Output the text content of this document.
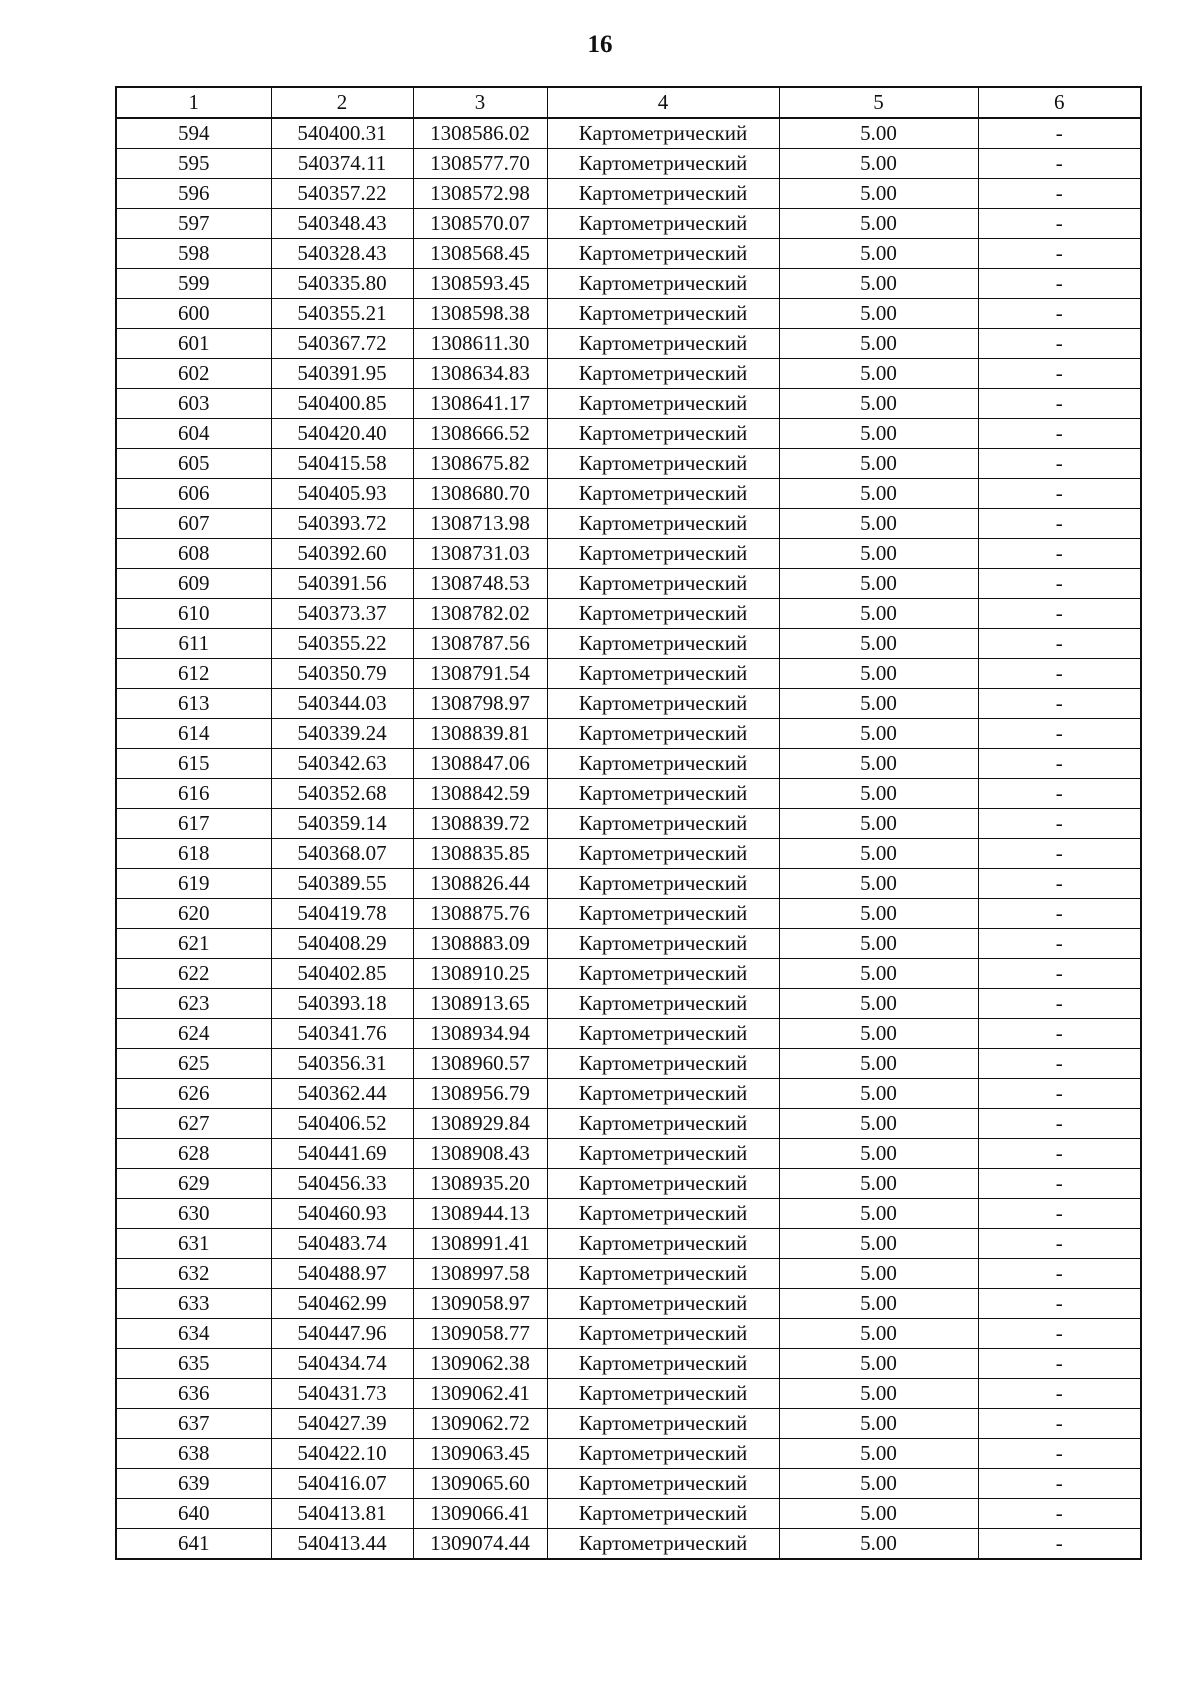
16
1	2	3	4	5	6
594	540400.31	1308586.02	Картометрический	5.00	-
595	540374.11	1308577.70	Картометрический	5.00	-
596	540357.22	1308572.98	Картометрический	5.00	-
597	540348.43	1308570.07	Картометрический	5.00	-
598	540328.43	1308568.45	Картометрический	5.00	-
599	540335.80	1308593.45	Картометрический	5.00	-
600	540355.21	1308598.38	Картометрический	5.00	-
601	540367.72	1308611.30	Картометрический	5.00	-
602	540391.95	1308634.83	Картометрический	5.00	-
603	540400.85	1308641.17	Картометрический	5.00	-
604	540420.40	1308666.52	Картометрический	5.00	-
605	540415.58	1308675.82	Картометрический	5.00	-
606	540405.93	1308680.70	Картометрический	5.00	-
607	540393.72	1308713.98	Картометрический	5.00	-
608	540392.60	1308731.03	Картометрический	5.00	-
609	540391.56	1308748.53	Картометрический	5.00	-
610	540373.37	1308782.02	Картометрический	5.00	-
611	540355.22	1308787.56	Картометрический	5.00	-
612	540350.79	1308791.54	Картометрический	5.00	-
613	540344.03	1308798.97	Картометрический	5.00	-
614	540339.24	1308839.81	Картометрический	5.00	-
615	540342.63	1308847.06	Картометрический	5.00	-
616	540352.68	1308842.59	Картометрический	5.00	-
617	540359.14	1308839.72	Картометрический	5.00	-
618	540368.07	1308835.85	Картометрический	5.00	-
619	540389.55	1308826.44	Картометрический	5.00	-
620	540419.78	1308875.76	Картометрический	5.00	-
621	540408.29	1308883.09	Картометрический	5.00	-
622	540402.85	1308910.25	Картометрический	5.00	-
623	540393.18	1308913.65	Картометрический	5.00	-
624	540341.76	1308934.94	Картометрический	5.00	-
625	540356.31	1308960.57	Картометрический	5.00	-
626	540362.44	1308956.79	Картометрический	5.00	-
627	540406.52	1308929.84	Картометрический	5.00	-
628	540441.69	1308908.43	Картометрический	5.00	-
629	540456.33	1308935.20	Картометрический	5.00	-
630	540460.93	1308944.13	Картометрический	5.00	-
631	540483.74	1308991.41	Картометрический	5.00	-
632	540488.97	1308997.58	Картометрический	5.00	-
633	540462.99	1309058.97	Картометрический	5.00	-
634	540447.96	1309058.77	Картометрический	5.00	-
635	540434.74	1309062.38	Картометрический	5.00	-
636	540431.73	1309062.41	Картометрический	5.00	-
637	540427.39	1309062.72	Картометрический	5.00	-
638	540422.10	1309063.45	Картометрический	5.00	-
639	540416.07	1309065.60	Картометрический	5.00	-
640	540413.81	1309066.41	Картометрический	5.00	-
641	540413.44	1309074.44	Картометрический	5.00	-
